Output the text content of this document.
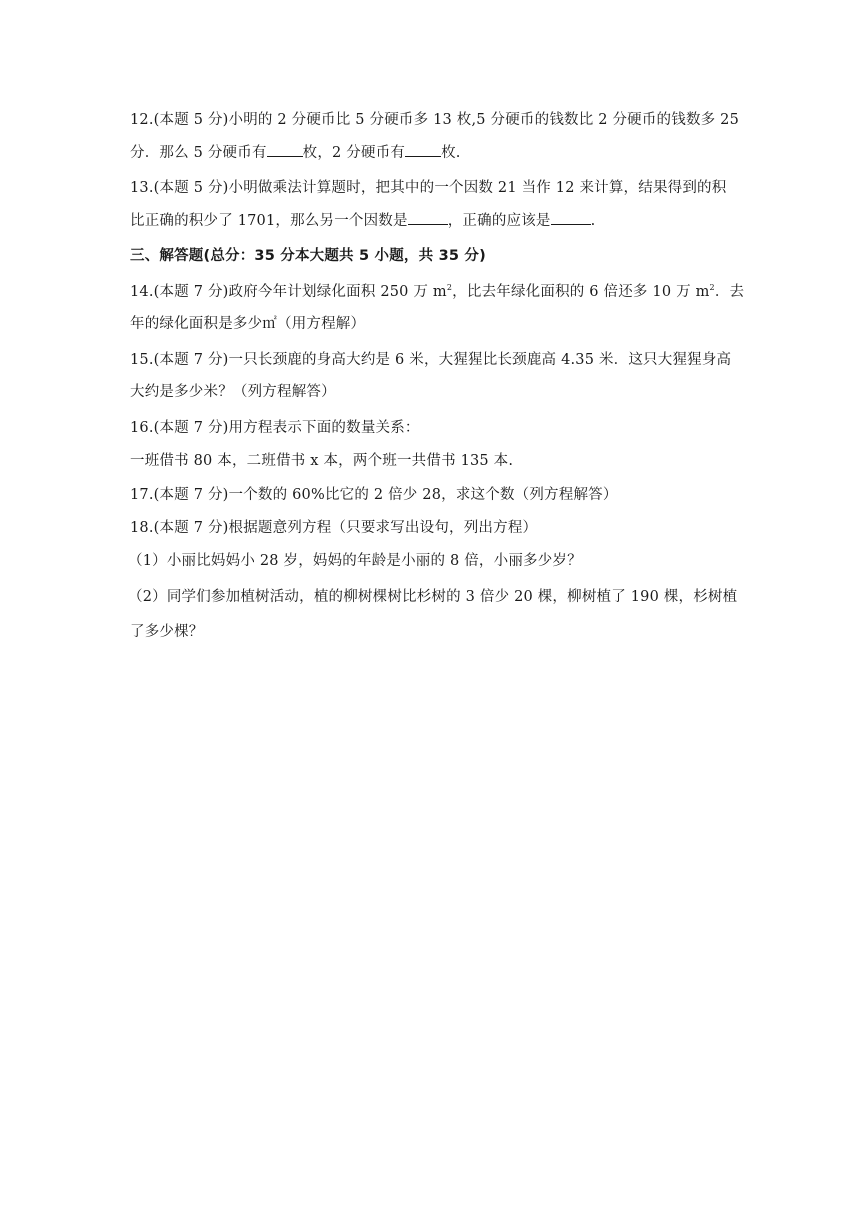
12.(本题 5 分)小明的 2 分硬币比 5 分硬币多 13 枚,5 分硬币的钱数比 2 分硬币的钱数多 25
分．那么 5 分硬币有 枚，2 分硬币有 枚.
13.(本题 5 分)小明做乘法计算题时，把其中的一个因数 21 当作 12 来计算，结果得到的积
比正确的积少了 1701，那么另一个因数是	，正确的应该是	.
三、解答题(总分：35 分本大题共 5 小题，共 35 分)
14.(本题 7 分)政府今年计划绿化面积 250 万 $m^2$，比去年绿化面积的 6 倍还多 10 万 $m^2$．去
年的绿化面积是多少㎡（用方程解）
15.(本题 7 分)一只长颈鹿的身高大约是 6 米，大猩猩比长颈鹿高 4.35 米．这只大猩猩身高
大约是多少米？（列方程解答）
16.(本题 7 分)用方程表示下面的数量关系：
一班借书 80 本，二班借书 x 本，两个班一共借书 135 本.
17.(本题 7 分)一个数的 60%比它的 2 倍少 28，求这个数（列方程解答）
18.(本题 7 分)根据题意列方程（只要求写出设句，列出方程）
（1）小丽比妈妈小 28 岁，妈妈的年龄是小丽的 8 倍，小丽多少岁？
（2）同学们参加植树活动，植的柳树棵树比杉树的 3 倍少 20 棵，柳树植了 190 棵，杉树植
了多少棵？
